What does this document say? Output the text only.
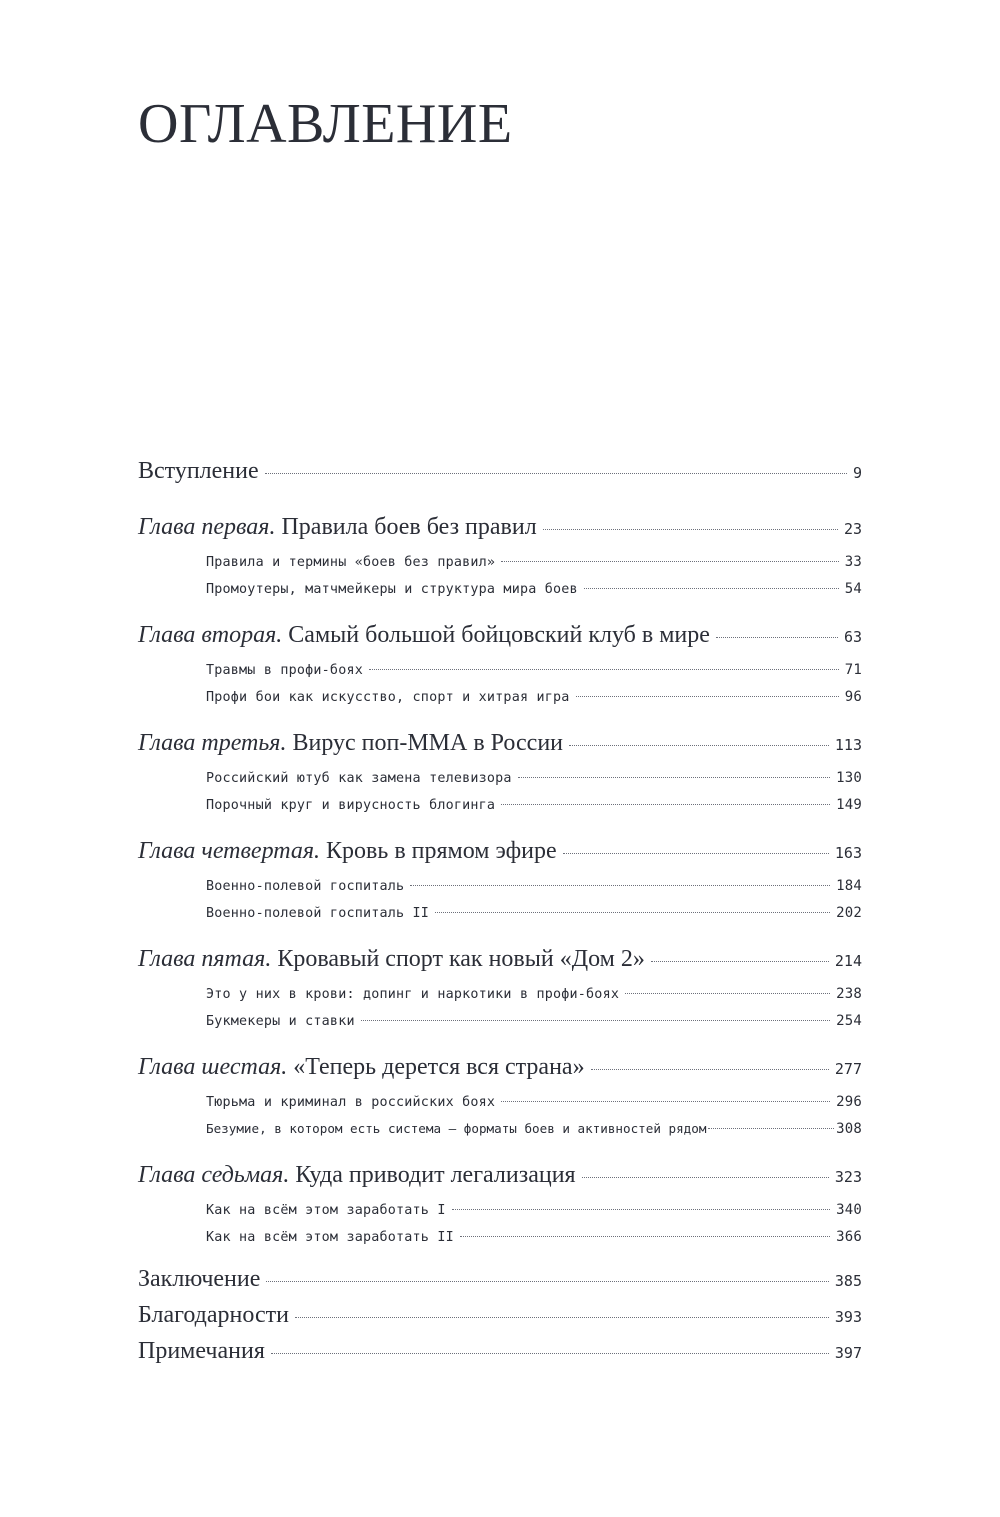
ОГЛАВЛЕНИЕ
Вступление	9
Глава первая. Правила боев без правил	23
Правила и термины «боев без правил»	33
Промоутеры, матчмейкеры и структура мира боев	54
Глава вторая. Самый большой бойцовский клуб в мире	63
Травмы в профи-боях	71
Профи бои как искусство, спорт и хитрая игра	96
Глава третья. Вирус поп-ММА в России	113
Российский ютуб как замена телевизора	130
Порочный круг и вирусность блогинга	149
Глава четвертая. Кровь в прямом эфире	163
Военно-полевой госпиталь	184
Военно-полевой госпиталь II	202
Глава пятая. Кровавый спорт как новый «Дом 2»	214
Это у них в крови: допинг и наркотики в профи-боях	238
Букмекеры и ставки	254
Глава шестая. «Теперь дерется вся страна»	277
Тюрьма и криминал в российских боях	296
Безумие, в котором есть система – форматы боев и активностей рядом	308
Глава седьмая. Куда приводит легализация	323
Как на всём этом заработать I	340
Как на всём этом заработать II	366
Заключение	385
Благодарности	393
Примечания	397
